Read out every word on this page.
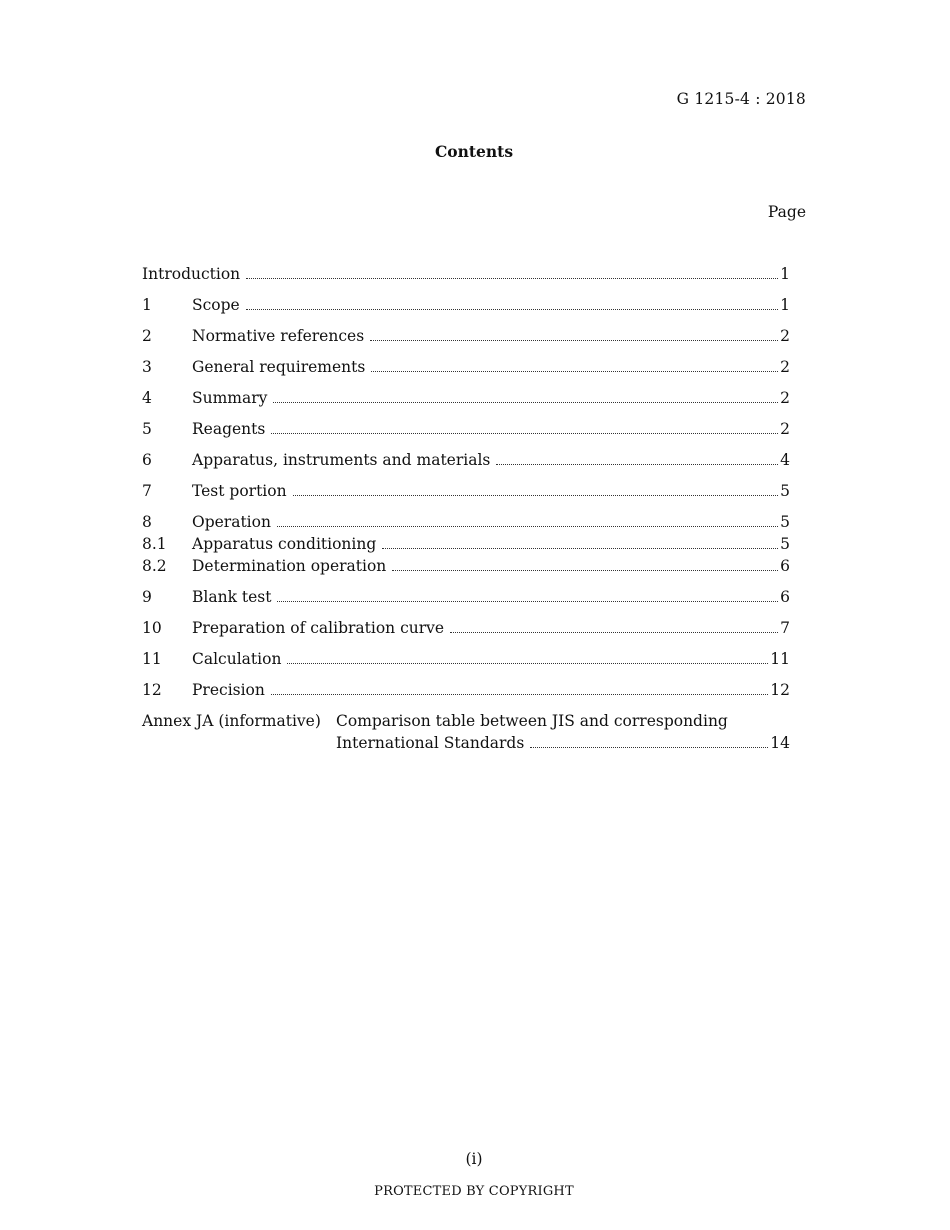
G 1215-4 : 2018
Contents
Page
Introduction	1
1	Scope	1
2	Normative references	2
3	General requirements	2
4	Summary	2
5	Reagents	2
6	Apparatus, instruments and materials	4
7	Test portion	5
8	Operation	5
8.1	Apparatus conditioning	5
8.2	Determination operation	6
9	Blank test	6
10	Preparation of calibration curve	7
11	Calculation	11
12	Precision	12
Annex JA (informative) Comparison table between JIS and corresponding
International Standards	14
(i)
PROTECTED BY COPYRIGHT
